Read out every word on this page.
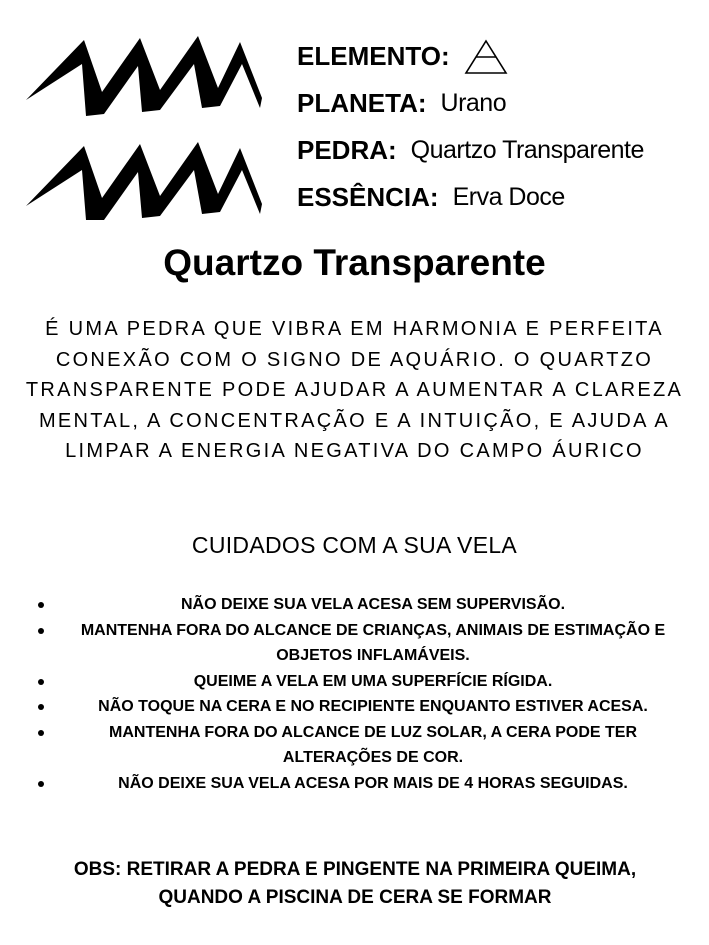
ELEMENTO:
PLANETA: Urano
PEDRA: Quartzo Transparente
ESSÊNCIA: Erva Doce
Quartzo Transparente
É UMA PEDRA QUE VIBRA EM HARMONIA E PERFEITA CONEXÃO COM O SIGNO DE AQUÁRIO. O QUARTZO TRANSPARENTE PODE AJUDAR A AUMENTAR A CLAREZA MENTAL, A CONCENTRAÇÃO E A INTUIÇÃO, E AJUDA A LIMPAR A ENERGIA NEGATIVA DO CAMPO ÁURICO
CUIDADOS COM A SUA VELA
NÃO DEIXE SUA VELA ACESA SEM SUPERVISÃO.
MANTENHA FORA DO ALCANCE DE CRIANÇAS, ANIMAIS DE ESTIMAÇÃO E OBJETOS INFLAMÁVEIS.
QUEIME A VELA EM UMA SUPERFÍCIE RÍGIDA.
NÃO TOQUE NA CERA E NO RECIPIENTE ENQUANTO ESTIVER ACESA.
MANTENHA FORA DO ALCANCE DE LUZ SOLAR, A CERA PODE TER ALTERAÇÕES DE COR.
NÃO DEIXE SUA VELA ACESA POR MAIS DE 4 HORAS SEGUIDAS.
OBS: RETIRAR A PEDRA E PINGENTE NA PRIMEIRA QUEIMA, QUANDO A PISCINA DE CERA SE FORMAR
